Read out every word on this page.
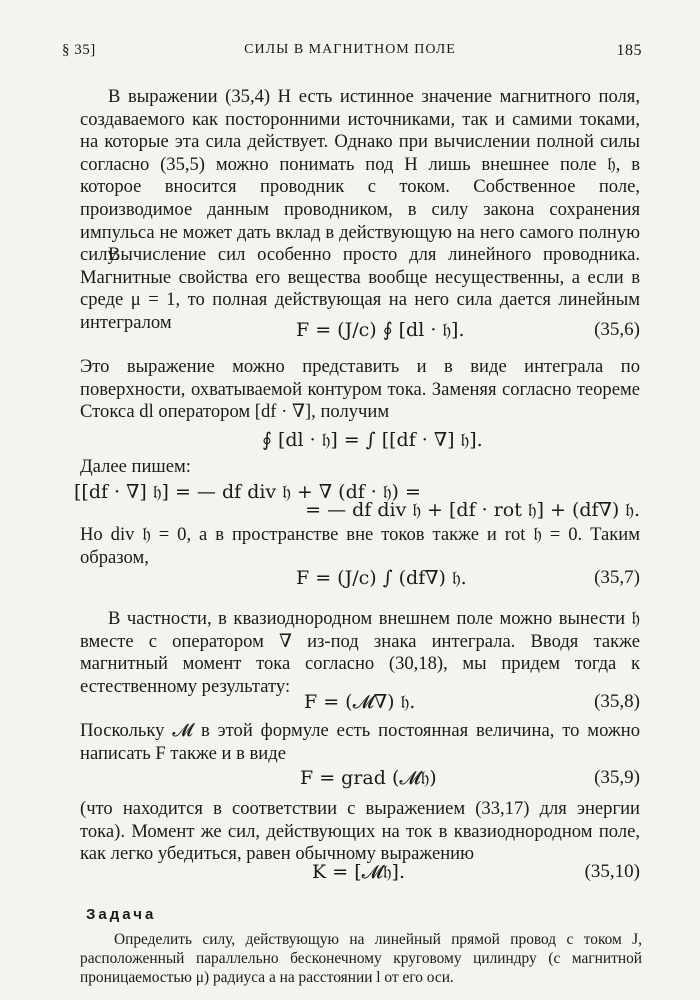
СИЛЫ В МАГНИТНОМ ПОЛЕ
§ 35]	185

В выражении (35,4) H есть истинное значение магнитного поля, создаваемого как посторонними источниками, так и самими токами, на которые эта сила действует. Однако при вычислении полной силы согласно (35,5) можно понимать под H лишь внешнее поле 𝔥, в которое вносится проводник с током. Собственное поле, производимое данным проводником, в силу закона сохранения импульса не может дать вклад в действующую на него самого полную силу.

Вычисление сил особенно просто для линейного проводника. Магнитные свойства его вещества вообще несущественны, а если в среде μ = 1, то полная действующая на него сила дается линейным интегралом	F = (J/c) ∮ [dl · 𝔥].	(35,6)

Это выражение можно представить и в виде интеграла по поверхности, охватываемой контуром тока. Заменяя согласно теореме Стокса dl оператором [df · ∇], получим

∮ [dl · 𝔥] = ∫ [[df · ∇] 𝔥].

Далее пишем:

[[df · ∇] 𝔥] = — df div 𝔥 + ∇ (df · 𝔥) =
= — df div 𝔥 + [df · rot 𝔥] + (df∇) 𝔥.

Но div 𝔥 = 0, а в пространстве вне токов также и rot 𝔥 = 0. Таким образом,

F = (J/c) ∫ (df∇) 𝔥.	(35,7)

В частности, в квазиоднородном внешнем поле можно вынести 𝔥 вместе с оператором ∇ из-под знака интеграла. Вводя также магнитный момент тока согласно (30,18), мы придем тогда к естественному результату:

F = (𝓜∇) 𝔥.	(35,8)

Поскольку 𝓜 в этой формуле есть постоянная величина, то можно написать F также и в виде

F = grad (𝓜𝔥)	(35,9)

(что находится в соответствии с выражением (33,17) для энергии тока). Момент же сил, действующих на ток в квазиоднородном поле, как легко убедиться, равен обычному выражению

K = [𝓜𝔥].	(35,10)
Задача

Определить силу, действующую на линейный прямой провод с током J, расположенный параллельно бесконечному круговому цилиндру (с магнитной проницаемостью μ) радиуса a на расстоянии l от его оси.
